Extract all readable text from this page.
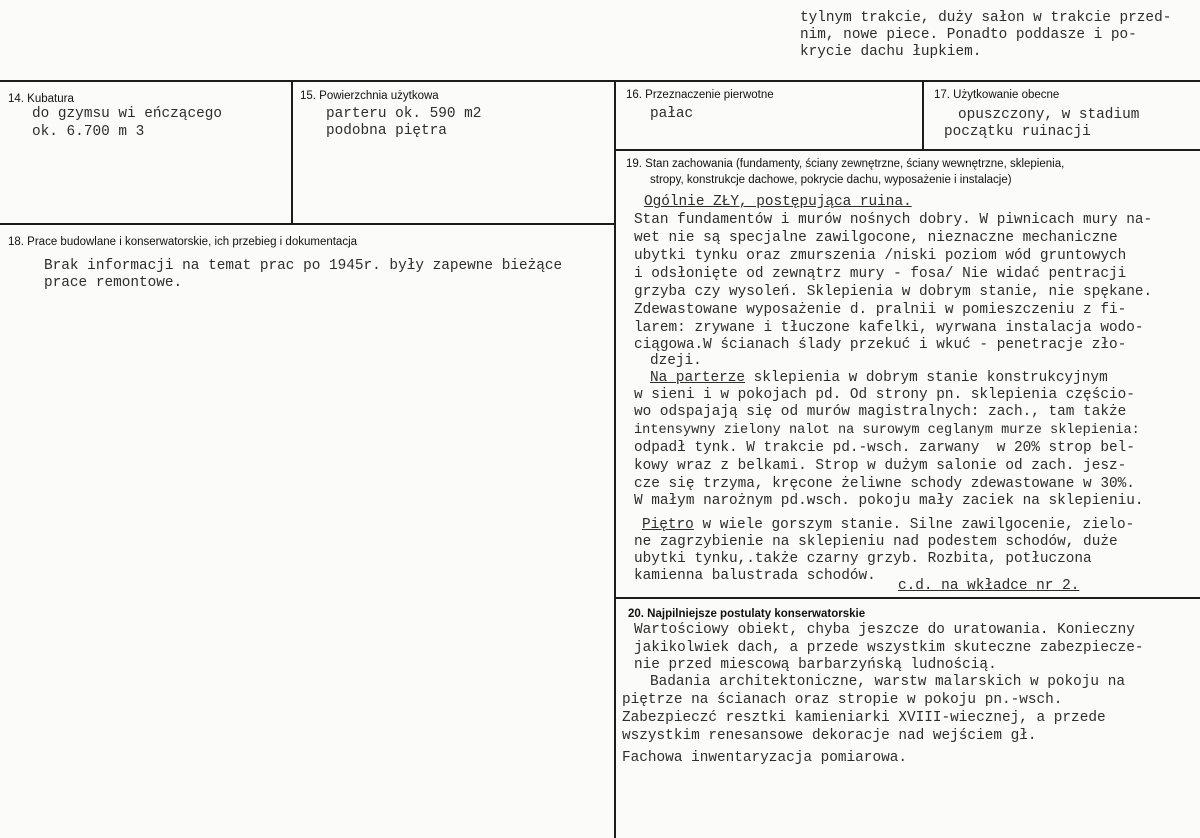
tylnym trakcie, duży sałon w trakcie przed-
nim, nowe piece. Ponadto poddasze i po-
krycie dachu łupkiem.
14. Kubatura
do gzymsu wi eńczącego
ok. 6.700 m 3
15. Powierzchnia użytkowa
parteru ok. 590 m2
podobna piętra
16. Przeznaczenie pierwotne
pałac
17. Użytkowanie obecne
opuszczony, w stadium
początku ruinacji
18. Prace budowlane i konserwatorskie, ich przebieg i dokumentacja
Brak informacji na temat prac po 1945r. były zapewne bieżące
prace remontowe.
19. Stan zachowania (fundamenty, ściany zewnętrzne, ściany wewnętrzne, sklepienia,
stropy, konstrukcje dachowe, pokrycie dachu, wyposażenie i instalacje)
Ogólnie ZŁY, postępująca ruina.
Stan fundamentów i murów nośnych dobry. W piwnicach mury na-
wet nie są specjalne zawilgocone, nieznaczne mechaniczne
ubytki tynku oraz zmurszenia /niski poziom wód gruntowych
i odsłonięte od zewnątrz mury - fosa/ Nie widać pentracji
grzyba czy wysoleń. Sklepienia w dobrym stanie, nie spękane.
Zdewastowane wyposażenie d. pralnii w pomieszczeniu z fi-
larem: zrywane i tłuczone kafelki, wyrwana instalacja wodo-
ciągowa.W ścianach ślady przekuć i wkuć - penetracje zło-
dzeji.
Na parterze sklepienia w dobrym stanie konstrukcyjnym
w sieni i w pokojach pd. Od strony pn. sklepienia częścio-
wo odspajają się od murów magistralnych: zach., tam także
intensywny zielony nalot na surowym ceglanym murze sklepienia:
odpadł tynk. W trakcie pd.-wsch. zarwany  w 20% strop bel-
kowy wraz z belkami. Strop w dużym salonie od zach. jesz-
cze się trzyma, kręcone żeliwne schody zdewastowane w 30%.
W małym narożnym pd.wsch. pokoju mały zaciek na sklepieniu.
Piętro w wiele gorszym stanie. Silne zawilgocenie, zielo-
ne zagrzybienie na sklepieniu nad podestem schodów, duże
ubytki tynku,.także czarny grzyb. Rozbita, potłuczona
kamienna balustrada schodów.
c.d. na wkładce nr 2.
20. Najpilniejsze postulaty konserwatorskie
Wartościowy obiekt, chyba jeszcze do uratowania. Konieczny
jakikolwiek dach, a przede wszystkim skuteczne zabezpiecze-
nie przed miescową barbarzyńską ludnością.
Badania architektoniczne, warstw malarskich w pokoju na
piętrze na ścianach oraz stropie w pokoju pn.-wsch.
Zabezpieczć resztki kamieniarki XVIII-wiecznej, a przede
wszystkim renesansowe dekoracje nad wejściem gł.
Fachowa inwentaryzacja pomiarowa.
